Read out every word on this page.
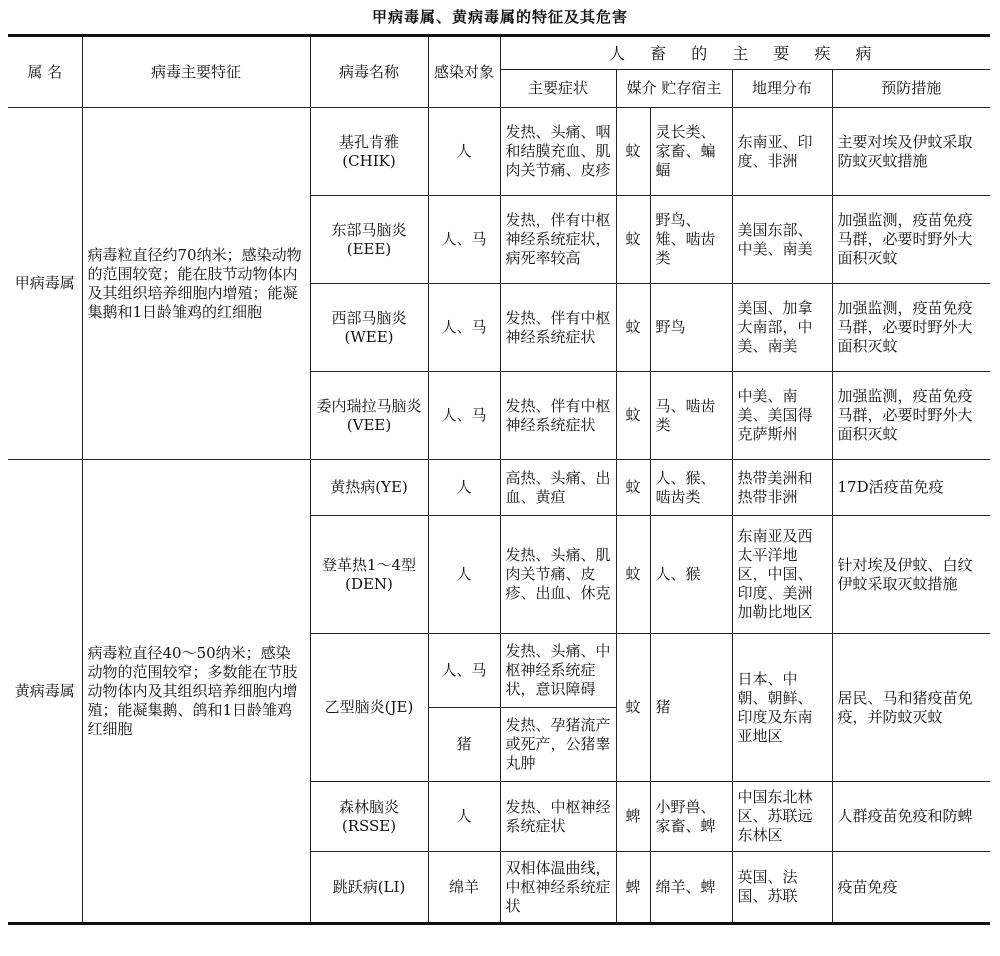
甲病毒属、黄病毒属的特征及其危害
属 名	病毒主要特征	病毒名称	感染对象	人 畜 的 主 要 疾 病				
				主要症状	媒介 贮存宿主		地理分布	预防措施
甲病毒属	病毒粒直径约70纳米；感染动物的范围较宽；能在肢节动物体内及其组织培养细胞内增殖；能凝集鹅和1日龄雏鸡的红细胞	基孔肯雅(CHIK)	人	发热、头痛、咽和结膜充血、肌肉关节痛、皮疹	蚊	灵长类、家畜、蝙蝠	东南亚、印度、非洲	主要对埃及伊蚊采取防蚊灭蚊措施
		东部马脑炎(EEE)	人、马	发热，伴有中枢神经系统症状，病死率较高	蚊	野鸟、雉、啮齿类	美国东部、中美、南美	加强监测，疫苗免疫马群，必要时野外大面积灭蚊
		西部马脑炎(WEE)	人、马	发热、伴有中枢神经系统症状	蚊	野鸟	美国、加拿大南部，中美、南美	加强监测，疫苗免疫马群，必要时野外大面积灭蚊
		委内瑞拉马脑炎(VEE)	人、马	发热、伴有中枢神经系统症状	蚊	马、啮齿类	中美、南美、美国得克萨斯州	加强监测，疫苗免疫马群，必要时野外大面积灭蚊
黄病毒属	病毒粒直径40～50纳米；感染动物的范围较窄；多数能在节肢动物体内及其组织培养细胞内增殖；能凝集鹅、鸽和1日龄雏鸡红细胞	黄热病(YE)	人	高热、头痛、出血、黄疸	蚊	人、猴、啮齿类	热带美洲和热带非洲	17D活疫苗免疫
		登革热1～4型(DEN)	人	发热、头痛、肌肉关节痛、皮疹、出血、休克	蚊	人、猴	东南亚及西太平洋地区，中国、印度、美洲加勒比地区	针对埃及伊蚊、白纹伊蚊采取灭蚊措施
		乙型脑炎(JE)	人、马	发热、头痛、中枢神经系统症状，意识障碍	蚊	猪	日本、中朝、朝鲜、印度及东南亚地区	居民、马和猪疫苗免疫，并防蚊灭蚊
			猪	发热、孕猪流产或死产，公猪睾丸肿				
		森林脑炎(RSSE)	人	发热、中枢神经系统症状	蜱	小野兽、家畜、蜱	中国东北林区、苏联远东林区	人群疫苗免疫和防蜱
		跳跃病(LI)	绵羊	双相体温曲线，中枢神经系统症状	蜱	绵羊、蜱	英国、法国、苏联	疫苗免疫
